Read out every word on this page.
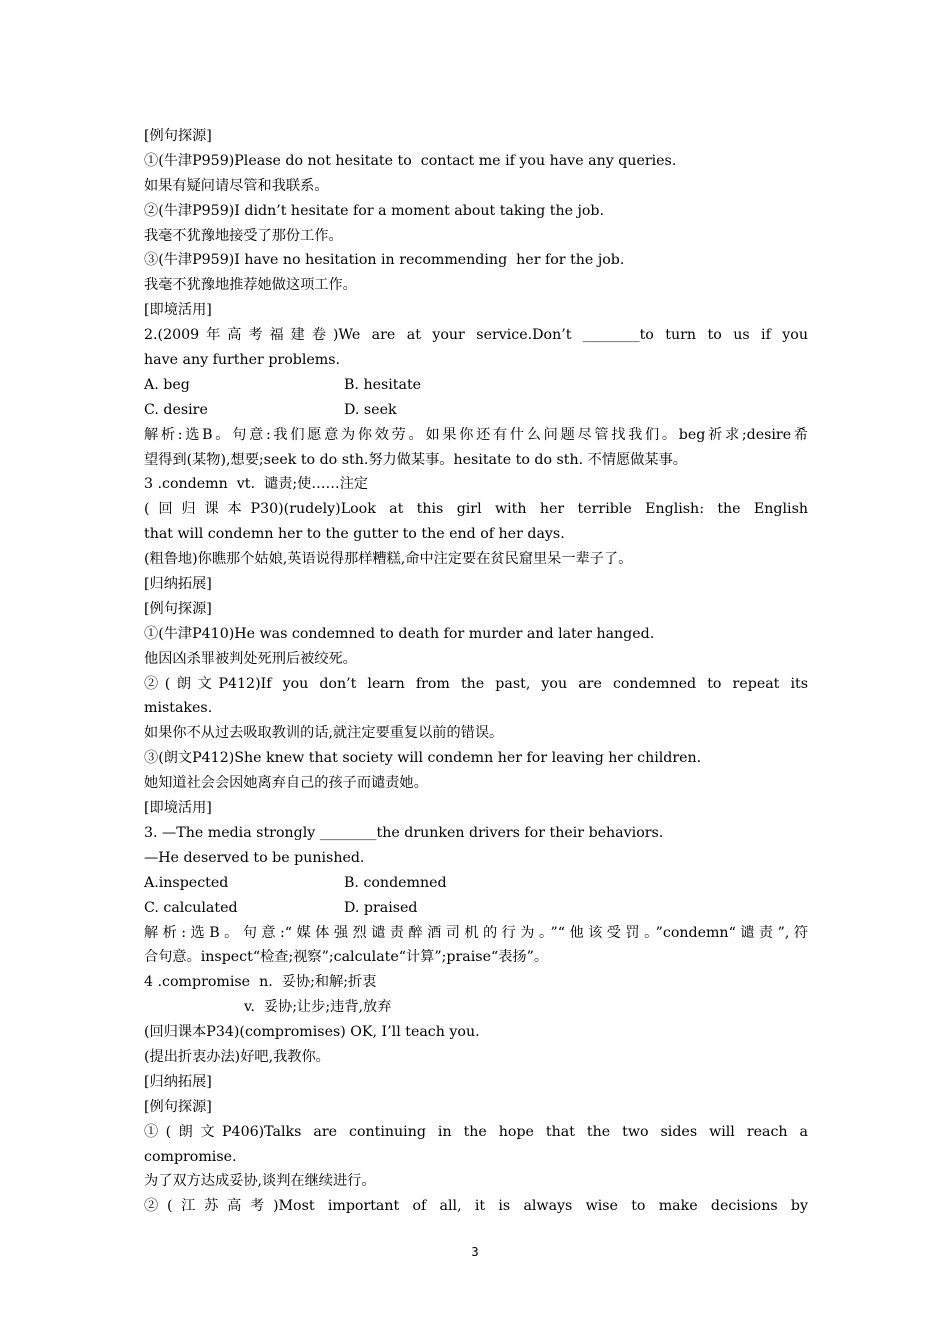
[例句探源]
①(牛津P959)Please do not hesitate to  contact me if you have any queries.
如果有疑问请尽管和我联系。
②(牛津P959)I didn’t hesitate for a moment about taking the job.
我毫不犹豫地接受了那份工作。
③(牛津P959)I have no hesitation in recommending  her for the job.
我毫不犹豫地推荐她做这项工作。
[即境活用]
2.(2009年高考福建卷)We are at your service.Don’t ________to turn to us if you
have any further problems.
A. beg	B. hesitate
C. desire	D. seek
解析:选B。句意:我们愿意为你效劳。如果你还有什么问题尽管找我们。beg祈求;desire希
望得到(某物),想要;seek to do sth.努力做某事。hesitate to do sth. 不情愿做某事。
3 .condemn  vt.  谴责;使……注定
(回归课本P30)(rudely)Look at this girl with her terrible English: the English
that will condemn her to the gutter to the end of her days.
(粗鲁地)你瞧那个姑娘,英语说得那样糟糕,命中注定要在贫民窟里呆一辈子了。
[归纳拓展]
[例句探源]
①(牛津P410)He was condemned to death for murder and later hanged.
他因凶杀罪被判处死刑后被绞死。
②(朗文P412)If you don’t learn from the past, you are condemned to repeat its
mistakes.
如果你不从过去吸取教训的话,就注定要重复以前的错误。
③(朗文P412)She knew that society will condemn her for leaving her children.
她知道社会会因她离弃自己的孩子而谴责她。
[即境活用]
3. —The media strongly ________the drunken drivers for their behaviors.
—He deserved to be punished.
A.inspected	B. condemned
C. calculated	D. praised
解析:选B。句意:“媒体强烈谴责醉酒司机的行为。”“他该受罚。”condemn“谴责”,符
合句意。inspect“检查;视察”;calculate“计算”;praise“表扬”。
4 .compromise  n.  妥协;和解;折衷
v.  妥协;让步;违背,放弃
(回归课本P34)(compromises) OK, I’ll teach you.
(提出折衷办法)好吧,我教你。
[归纳拓展]
[例句探源]
①(朗文P406)Talks are continuing in the hope that the two sides will reach a
compromise.
为了双方达成妥协,谈判在继续进行。
②(江苏高考)Most important of all, it is always wise to make decisions by
3
